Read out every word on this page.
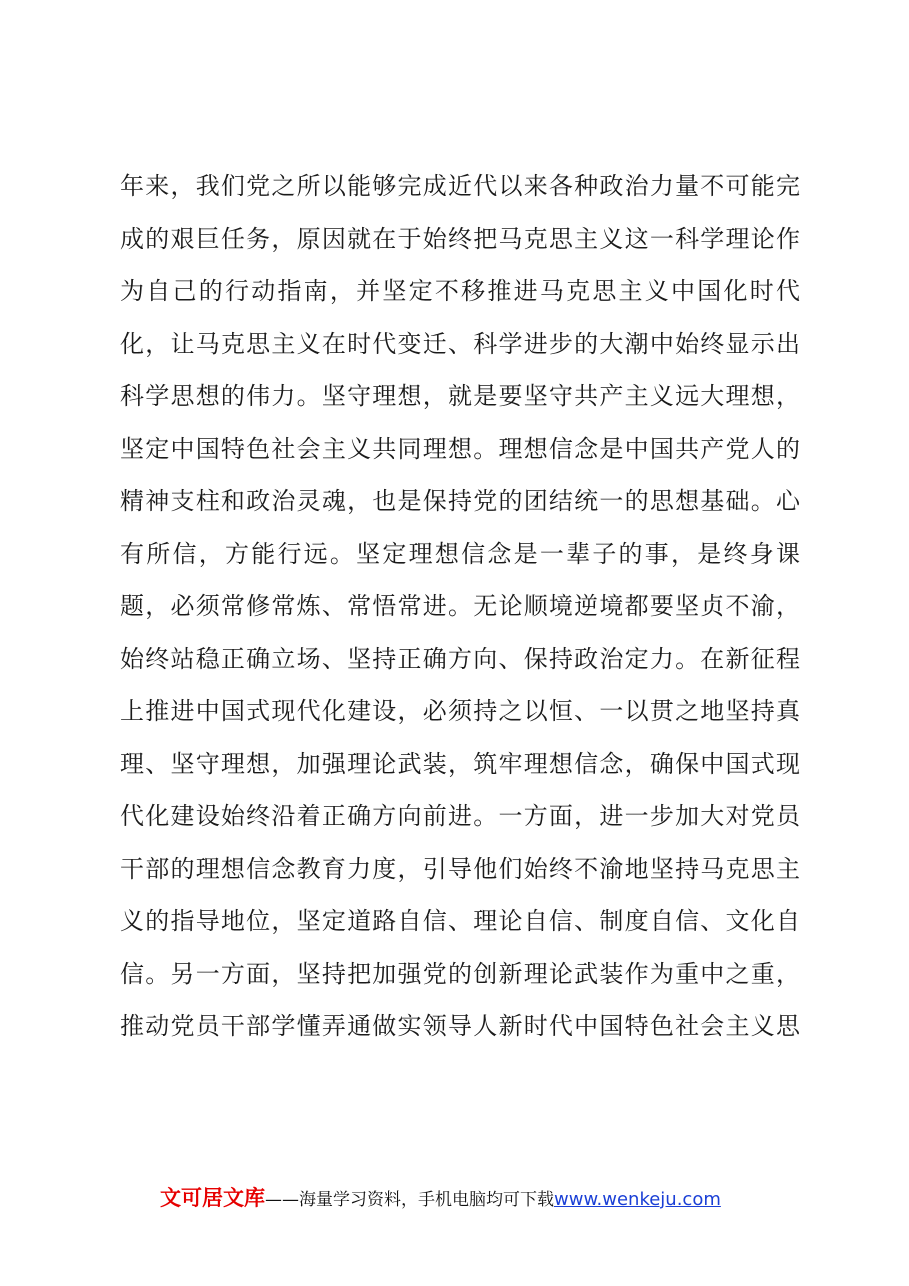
年来，我们党之所以能够完成近代以来各种政治力量不可能完
成的艰巨任务，原因就在于始终把马克思主义这一科学理论作
为自己的行动指南，并坚定不移推进马克思主义中国化时代
化，让马克思主义在时代变迁、科学进步的大潮中始终显示出
科学思想的伟力。坚守理想，就是要坚守共产主义远大理想，
坚定中国特色社会主义共同理想。理想信念是中国共产党人的
精神支柱和政治灵魂，也是保持党的团结统一的思想基础。心
有所信，方能行远。坚定理想信念是一辈子的事，是终身课
题，必须常修常炼、常悟常进。无论顺境逆境都要坚贞不渝，
始终站稳正确立场、坚持正确方向、保持政治定力。在新征程
上推进中国式现代化建设，必须持之以恒、一以贯之地坚持真
理、坚守理想，加强理论武装，筑牢理想信念，确保中国式现
代化建设始终沿着正确方向前进。一方面，进一步加大对党员
干部的理想信念教育力度，引导他们始终不渝地坚持马克思主
义的指导地位，坚定道路自信、理论自信、制度自信、文化自
信。另一方面，坚持把加强党的创新理论武装作为重中之重，
推动党员干部学懂弄通做实领导人新时代中国特色社会主义思
文可居文库——海量学习资料，手机电脑均可下载www.wenkeju.com
